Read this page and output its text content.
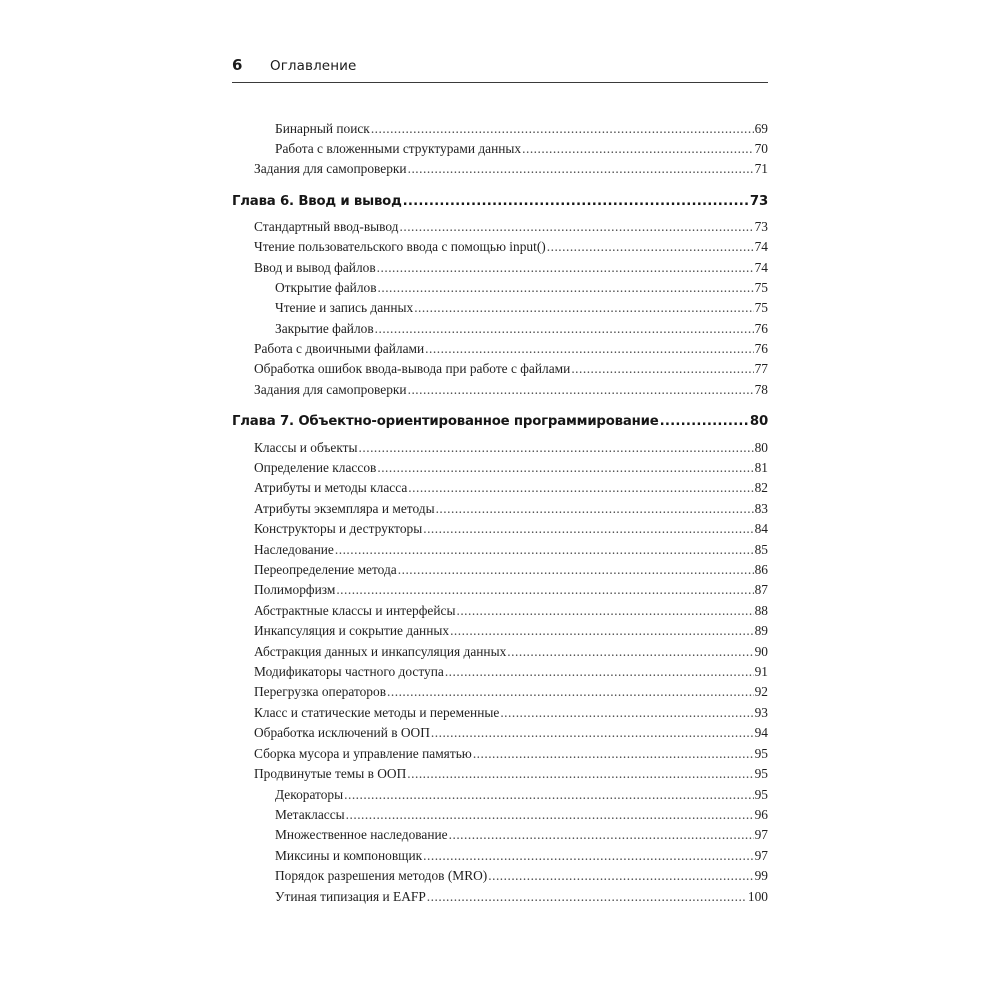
6	Оглавление
Бинарный поиск .....	69
Работа с вложенными структурами данных .....	70
Задания для самопроверки .....	71
Глава 6. Ввод и вывод .....	73
Стандартный ввод-вывод .....	73
Чтение пользовательского ввода с помощью input() .....	74
Ввод и вывод файлов .....	74
Открытие файлов .....	75
Чтение и запись данных .....	75
Закрытие файлов .....	76
Работа с двоичными файлами .....	76
Обработка ошибок ввода-вывода при работе с файлами .....	77
Задания для самопроверки .....	78
Глава 7. Объектно-ориентированное программирование .....	80
Классы и объекты .....	80
Определение классов .....	81
Атрибуты и методы класса .....	82
Атрибуты экземпляра и методы .....	83
Конструкторы и деструкторы .....	84
Наследование .....	85
Переопределение метода .....	86
Полиморфизм .....	87
Абстрактные классы и интерфейсы .....	88
Инкапсуляция и сокрытие данных .....	89
Абстракция данных и инкапсуляция данных .....	90
Модификаторы частного доступа .....	91
Перегрузка операторов .....	92
Класс и статические методы и переменные .....	93
Обработка исключений в ООП .....	94
Сборка мусора и управление памятью .....	95
Продвинутые темы в ООП .....	95
Декораторы .....	95
Метаклассы .....	96
Множественное наследование .....	97
Миксины и компоновщик .....	97
Порядок разрешения методов (MRO) .....	99
Утиная типизация и EAFP .....	100
